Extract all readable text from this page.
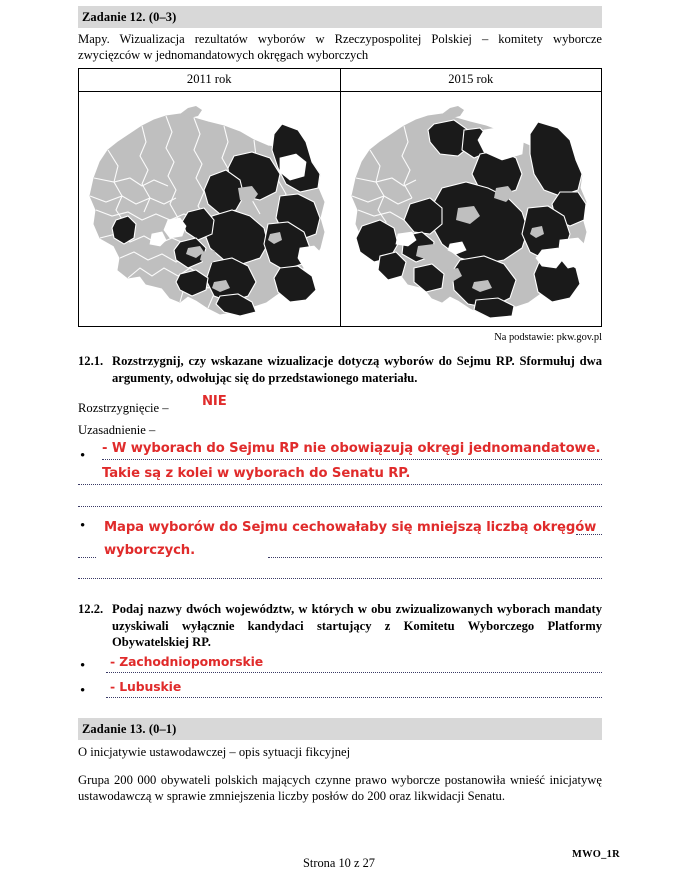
Zadanie 12. (0–3)

Mapy. Wizualizacja rezultatów wyborów w Rzeczypospolitej Polskiej – komitety wyborcze zwycięzców w jednomandatowych okręgach wyborczych

2011 rok	2015 rok

Na podstawie: pkw.gov.pl
12.1. Rozstrzygnij, czy wskazane wizualizacje dotyczą wyborów do Sejmu RP. Sformułuj dwa argumenty, odwołując się do przedstawionego materiału.
Rozstrzygnięcie –	NIE
Uzasadnienie –
• - W wyborach do Sejmu RP nie obowiązują okręgi jednomandatowe.
Takie są z kolei w wyborach do Senatu RP.
• Mapa wyborów do Sejmu cechowałaby się mniejszą liczbą okręgów
wyborczych.
12.2. Podaj nazwy dwóch województw, w których w obu zwizualizowanych wyborach mandaty uzyskiwali wyłącznie kandydaci startujący z Komitetu Wyborczego Platformy Obywatelskiej RP.
• - Zachodniopomorskie
• - Lubuskie
Zadanie 13. (0–1)

O inicjatywie ustawodawczej – opis sytuacji fikcyjnej

Grupa 200 000 obywateli polskich mających czynne prawo wyborcze postanowiła wnieść inicjatywę ustawodawczą w sprawie zmniejszenia liczby posłów do 200 oraz likwidacji Senatu.

Strona 10 z 27
MWO_1R
